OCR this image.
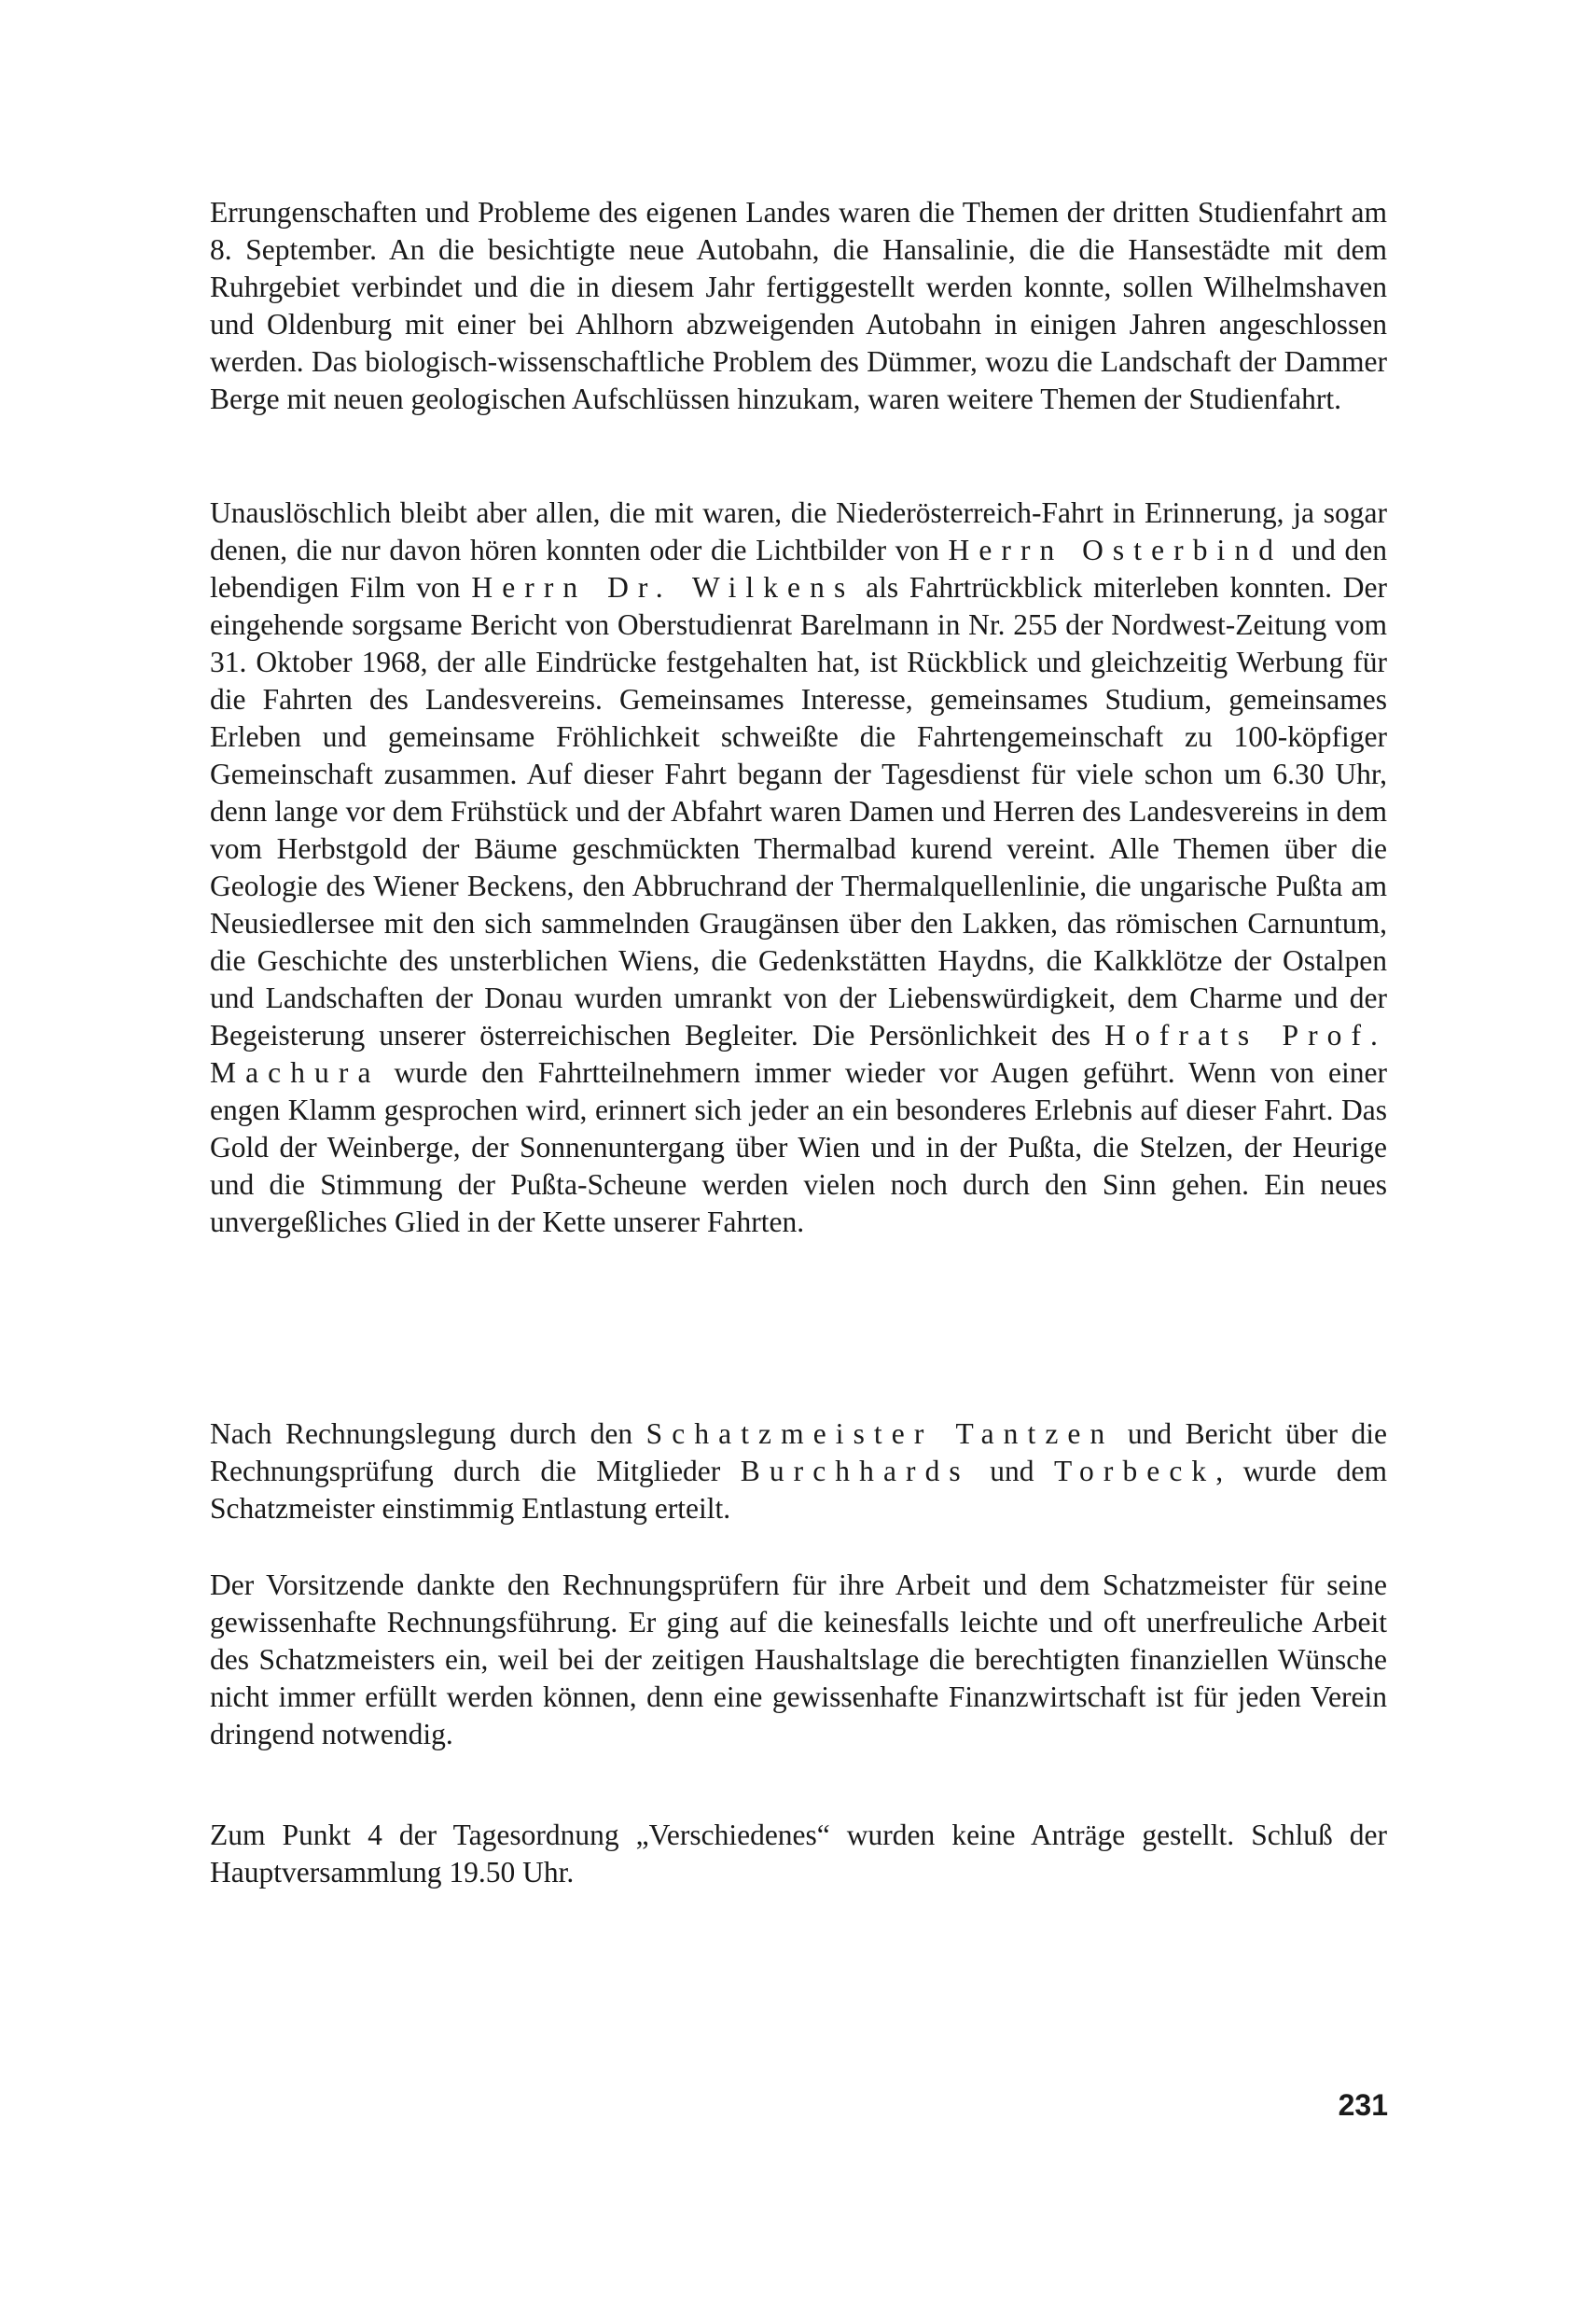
Errungenschaften und Probleme des eigenen Landes waren die Themen der dritten Studienfahrt am 8. September. An die besichtigte neue Autobahn, die Hansalinie, die die Hansestädte mit dem Ruhrgebiet verbindet und die in diesem Jahr fertiggestellt werden konnte, sollen Wilhelmshaven und Oldenburg mit einer bei Ahlhorn abzweigenden Autobahn in einigen Jahren angeschlossen werden. Das biologisch-wissenschaftliche Problem des Dümmer, wozu die Landschaft der Dammer Berge mit neuen geologischen Aufschlüssen hinzukam, waren weitere Themen der Studienfahrt.

Unauslöschlich bleibt aber allen, die mit waren, die Niederösterreich-Fahrt in Erinnerung, ja sogar denen, die nur davon hören konnten oder die Lichtbilder von Herrn Osterbind und den lebendigen Film von Herrn Dr. Wilkens als Fahrtrückblick miterleben konnten. Der eingehende sorgsame Bericht von Oberstudienrat Barelmann in Nr. 255 der Nordwest-Zeitung vom 31. Oktober 1968, der alle Eindrücke festgehalten hat, ist Rückblick und gleichzeitig Werbung für die Fahrten des Landesvereins. Gemeinsames Interesse, gemeinsames Studium, gemeinsames Erleben und gemeinsame Fröhlichkeit schweißte die Fahrtengemeinschaft zu 100-köpfiger Gemeinschaft zusammen. Auf dieser Fahrt begann der Tagesdienst für viele schon um 6.30 Uhr, denn lange vor dem Frühstück und der Abfahrt waren Damen und Herren des Landesvereins in dem vom Herbstgold der Bäume geschmückten Thermalbad kurend vereint. Alle Themen über die Geologie des Wiener Beckens, den Abbruchrand der Thermalquellenlinie, die ungarische Pußta am Neusiedlersee mit den sich sammelnden Graugänsen über den Lakken, das römischen Carnuntum, die Geschichte des unsterblichen Wiens, die Gedenkstätten Haydns, die Kalkklötze der Ostalpen und Landschaften der Donau wurden umrankt von der Liebenswürdigkeit, dem Charme und der Begeisterung unserer österreichischen Begleiter. Die Persönlichkeit des Hofrats Prof. Machura wurde den Fahrtteilnehmern immer wieder vor Augen geführt. Wenn von einer engen Klamm gesprochen wird, erinnert sich jeder an ein besonderes Erlebnis auf dieser Fahrt. Das Gold der Weinberge, der Sonnenuntergang über Wien und in der Pußta, die Stelzen, der Heurige und die Stimmung der Pußta-Scheune werden vielen noch durch den Sinn gehen. Ein neues unvergeßliches Glied in der Kette unserer Fahrten.

Nach Rechnungslegung durch den Schatzmeister Tantzen und Bericht über die Rechnungsprüfung durch die Mitglieder Burchhards und Torbeck, wurde dem Schatzmeister einstimmig Entlastung erteilt.

Der Vorsitzende dankte den Rechnungsprüfern für ihre Arbeit und dem Schatzmeister für seine gewissenhafte Rechnungsführung. Er ging auf die keinesfalls leichte und oft unerfreuliche Arbeit des Schatzmeisters ein, weil bei der zeitigen Haushaltslage die berechtigten finanziellen Wünsche nicht immer erfüllt werden können, denn eine gewissenhafte Finanzwirtschaft ist für jeden Verein dringend notwendig.

Zum Punkt 4 der Tagesordnung „Verschiedenes“ wurden keine Anträge gestellt. Schluß der Hauptversammlung 19.50 Uhr.

231
